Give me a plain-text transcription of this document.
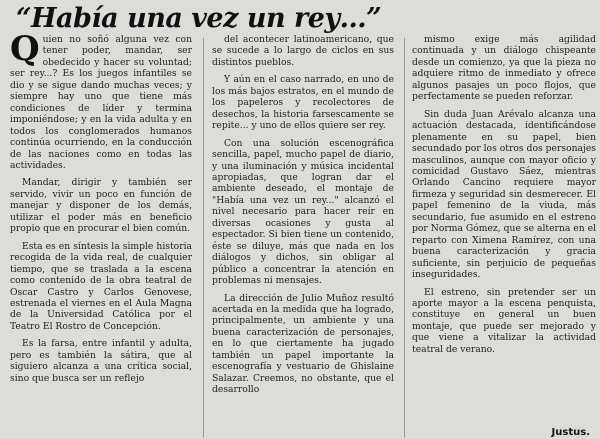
“Había una vez un rey…”

Quien no soñó alguna vez con tener poder, mandar, ser obedecido y hacer su voluntad; ser rey...? Es los juegos infantiles se dio y se sigue dando muchas veces; y siempre hay uno que tiene más condiciones de líder y termina imponiéndose; y en la vida adulta y en todos los conglomerados humanos continúa ocurriendo, en la conducción de las naciones como en todas las actividades.

Mandar, dirigir y también ser servido, vivir un poco en función de manejar y disponer de los demás, utilizar el poder más en beneficio propio que en procurar el bien común.

Esta es en síntesis la simple historia recogida de la vida real, de cualquier tiempo, que se traslada a la escena como contenido de la obra teatral de Oscar Castro y Carlos Genovese, estrenada el viernes en el Aula Magna de la Universidad Católica por el Teatro El Rostro de Concepción.

Es la farsa, entre infantil y adulta, pero es también la sátira, que al siguiero alcanza a una crítica social, sino que busca ser un reflejo

del acontecer latinoamericano, que se sucede a lo largo de ciclos en sus distintos pueblos.

Y aún en el caso narrado, en uno de los más bajos estratos, en el mundo de los papeleros y recolectores de desechos, la historia farsescamente se repite... y uno de ellos quiere ser rey.

Con una solución escenográfica sencilla, papel, mucho papel de diario, y una iluminación y música incidental apropiadas, que logran dar el ambiente deseado, el montaje de "Había una vez un rey..." alcanzó el nivel necesario para hacer reír en diversas ocasiones y gusta al espectador. Si bien tiene un contenido, éste se diluye, más que nada en los diálogos y dichos, sin obligar al público a concentrar la atención en problemas ni mensajes.

La dirección de Julio Muñoz resultó acertada en la medida que ha logrado, principalmente, un ambiente y una buena caracterización de personajes, en lo que ciertamente ha jugado también un papel importante la escenografía y vestuario de Ghislaine Salazar. Creemos, no obstante, que el desarrollo

mismo exige más agilidad continuada y un diálogo chispeante desde un comienzo, ya que la pieza no adquiere ritmo de inmediato y ofrece algunos pasajes un poco flojos, que perfectamente se pueden reforzar.

Sin duda Juan Arévalo alcanza una actuación destacada, identificándose plenamente en su papel, bien secundado por los otros dos personajes masculinos, aunque con mayor oficio y comicidad Gustavo Sáez, mientras Orlando Cancino requiere mayor firmeza y seguridad sin desmerecer. El papel femenino de la viuda, más secundario, fue asumido en el estreno por Norma Gómez, que se alterna en el reparto con Ximena Ramírez, con una buena caracterización y gracia suficiente, sin perjuicio de pequeñas inseguridades.

El estreno, sin pretender ser un aporte mayor a la escena penquista, constituye en general un buen montaje, que puede ser mejorado y que viene a vitalizar la actividad teatral de verano.

Justus.
